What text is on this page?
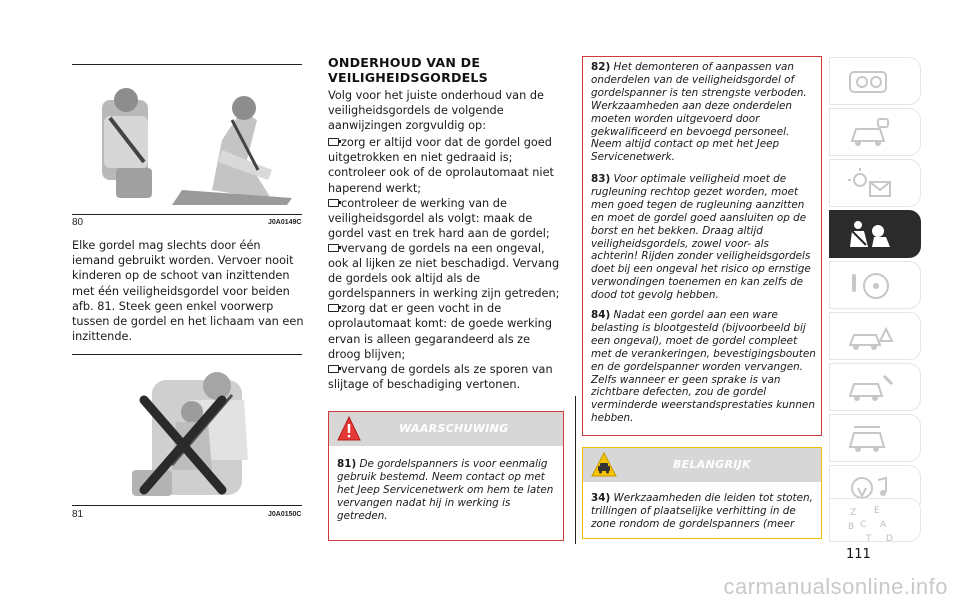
80	J0A0149C
Elke gordel mag slechts door één iemand gebruikt worden. Vervoer nooit kinderen op de schoot van inzittenden met één veiligheidsgordel voor beiden afb. 81. Steek geen enkel voorwerp tussen de gordel en het lichaam van een inzittende.
81	J0A0150C
ONDERHOUD VAN DE VEILIGHEIDSGORDELS
Volg voor het juiste onderhoud van de veiligheidsgordels de volgende aanwijzingen zorgvuldig op:
zorg er altijd voor dat de gordel goed uitgetrokken en niet gedraaid is; controleer ook of de oprolautomaat niet haperend werkt;
controleer de werking van de veiligheidsgordel als volgt: maak de gordel vast en trek hard aan de gordel;
vervang de gordels na een ongeval, ook al lijken ze niet beschadigd. Vervang de gordels ook altijd als de gordelspanners in werking zijn getreden;
zorg dat er geen vocht in de oprolautomaat komt: de goede werking ervan is alleen gegarandeerd als ze droog blijven;
vervang de gordels als ze sporen van slijtage of beschadiging vertonen.
WAARSCHUWING
81) De gordelspanners is voor eenmalig gebruik bestemd. Neem contact op met het Jeep Servicenetwerk om hem te laten vervangen nadat hij in werking is getreden.
82) Het demonteren of aanpassen van onderdelen van de veiligheidsgordel of gordelspanner is ten strengste verboden. Werkzaamheden aan deze onderdelen moeten worden uitgevoerd door gekwalificeerd en bevoegd personeel. Neem altijd contact op met het Jeep Servicenetwerk.
83) Voor optimale veiligheid moet de rugleuning rechtop gezet worden, moet men goed tegen de rugleuning aanzitten en moet de gordel goed aansluiten op de borst en het bekken. Draag altijd veiligheidsgordels, zowel voor- als achterin! Rijden zonder veiligheidsgordels doet bij een ongeval het risico op ernstige verwondingen toenemen en kan zelfs de dood tot gevolg hebben.
84) Nadat een gordel aan een ware belasting is blootgesteld (bijvoorbeeld bij een ongeval), moet de gordel compleet met de verankeringen, bevestigingsbouten en de gordelspanner worden vervangen. Zelfs wanneer er geen sprake is van zichtbare defecten, zou de gordel verminderde weerstandsprestaties kunnen hebben.
BELANGRIJK
34) Werkzaamheden die leiden tot stoten, trillingen of plaatselijke verhitting in de zone rondom de gordelspanners (meer
Z E
B C A
T D
111
carmanualsonline.info
